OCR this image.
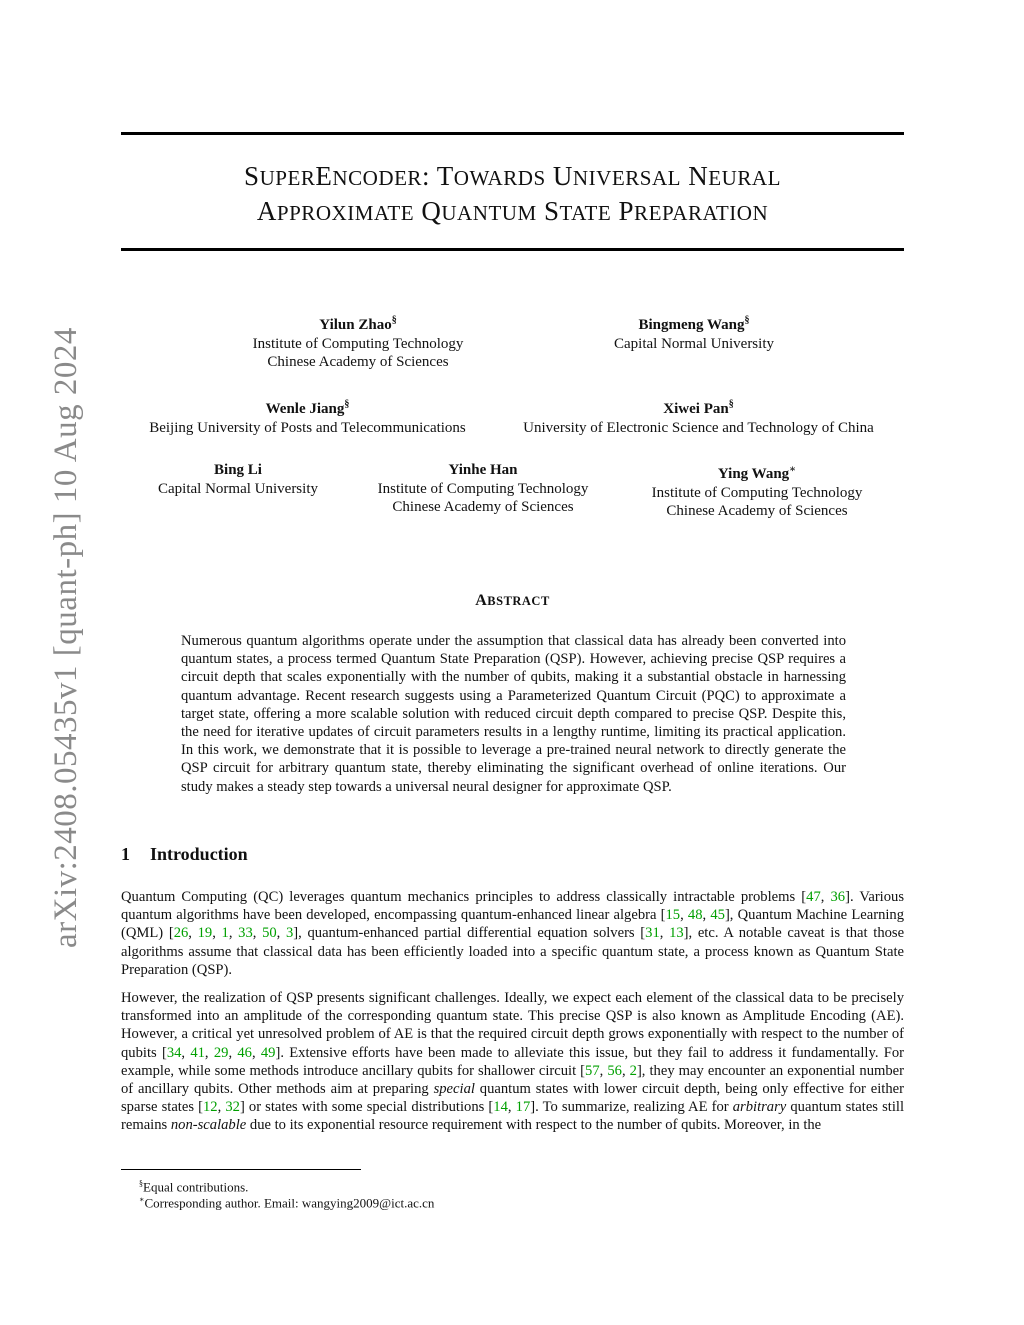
arXiv:2408.05435v1 [quant-ph] 10 Aug 2024
SUPERENCODER: TOWARDS UNIVERSAL NEURAL
APPROXIMATE QUANTUM STATE PREPARATION
Yilun Zhao§
Institute of Computing Technology
Chinese Academy of Sciences
Bingmeng Wang§
Capital Normal University
Wenle Jiang§
Beijing University of Posts and Telecommunications
Xiwei Pan§
University of Electronic Science and Technology of China
Bing Li
Capital Normal University
Yinhe Han
Institute of Computing Technology
Chinese Academy of Sciences
Ying Wang∗
Institute of Computing Technology
Chinese Academy of Sciences
ABSTRACT
Numerous quantum algorithms operate under the assumption that classical data has already been converted into quantum states, a process termed Quantum State Preparation (QSP). However, achieving precise QSP requires a circuit depth that scales exponentially with the number of qubits, making it a substantial obstacle in harnessing quantum advantage. Recent research suggests using a Parameterized Quantum Circuit (PQC) to approximate a target state, offering a more scalable solution with reduced circuit depth compared to precise QSP. Despite this, the need for iterative updates of circuit parameters results in a lengthy runtime, limiting its practical application. In this work, we demonstrate that it is possible to leverage a pre-trained neural network to directly generate the QSP circuit for arbitrary quantum state, thereby eliminating the significant overhead of online iterations. Our study makes a steady step towards a universal neural designer for approximate QSP.
1 Introduction
Quantum Computing (QC) leverages quantum mechanics principles to address classically intractable problems [47, 36]. Various quantum algorithms have been developed, encompassing quantum-enhanced linear algebra [15, 48, 45], Quantum Machine Learning (QML) [26, 19, 1, 33, 50, 3], quantum-enhanced partial differential equation solvers [31, 13], etc. A notable caveat is that those algorithms assume that classical data has been efficiently loaded into a specific quantum state, a process known as Quantum State Preparation (QSP).
However, the realization of QSP presents significant challenges. Ideally, we expect each element of the classical data to be precisely transformed into an amplitude of the corresponding quantum state. This precise QSP is also known as Amplitude Encoding (AE). However, a critical yet unresolved problem of AE is that the required circuit depth grows exponentially with respect to the number of qubits [34, 41, 29, 46, 49]. Extensive efforts have been made to alleviate this issue, but they fail to address it fundamentally. For example, while some methods introduce ancillary qubits for shallower circuit [57, 56, 2], they may encounter an exponential number of ancillary qubits. Other methods aim at preparing special quantum states with lower circuit depth, being only effective for either sparse states [12, 32] or states with some special distributions [14, 17]. To summarize, realizing AE for arbitrary quantum states still remains non-scalable due to its exponential resource requirement with respect to the number of qubits. Moreover, in the
§Equal contributions.
∗Corresponding author. Email: wangying2009@ict.ac.cn
